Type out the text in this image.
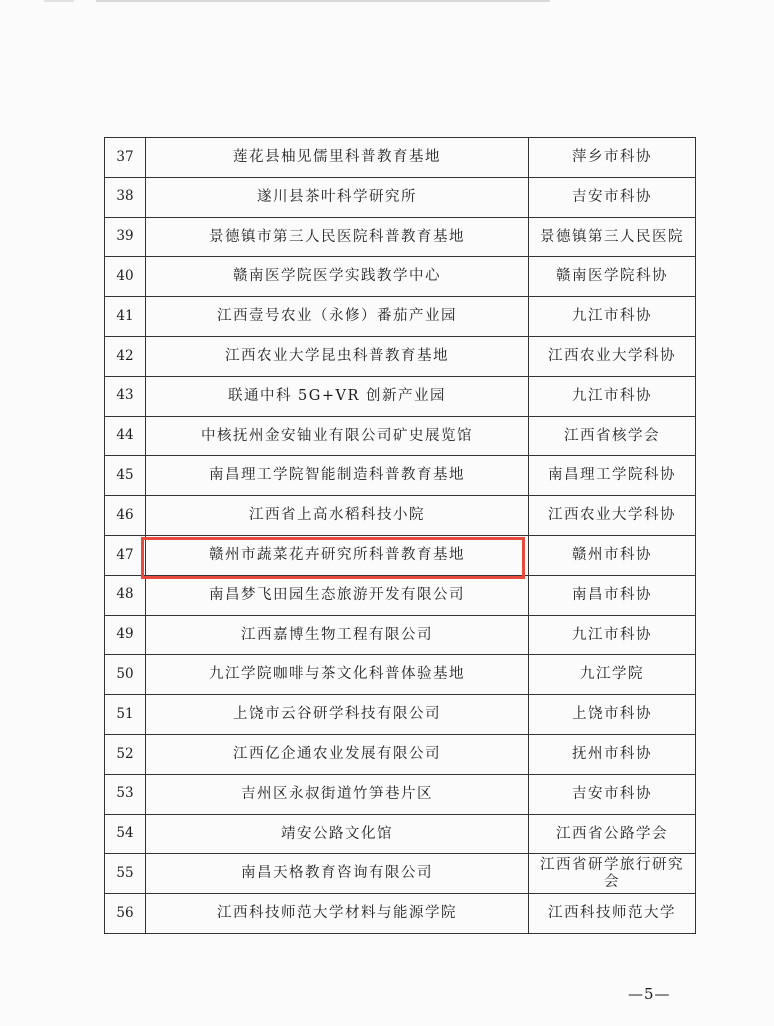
37	莲花县柚见儒里科普教育基地	萍乡市科协
38	遂川县茶叶科学研究所	吉安市科协
39	景德镇市第三人民医院科普教育基地	景德镇第三人民医院
40	赣南医学院医学实践教学中心	赣南医学院科协
41	江西壹号农业（永修）番茄产业园	九江市科协
42	江西农业大学昆虫科普教育基地	江西农业大学科协
43	联通中科 5G+VR 创新产业园	九江市科协
44	中核抚州金安铀业有限公司矿史展览馆	江西省核学会
45	南昌理工学院智能制造科普教育基地	南昌理工学院科协
46	江西省上高水稻科技小院	江西农业大学科协
47	赣州市蔬菜花卉研究所科普教育基地	赣州市科协
48	南昌梦飞田园生态旅游开发有限公司	南昌市科协
49	江西嘉博生物工程有限公司	九江市科协
50	九江学院咖啡与茶文化科普体验基地	九江学院
51	上饶市云谷研学科技有限公司	上饶市科协
52	江西亿企通农业发展有限公司	抚州市科协
53	吉州区永叔街道竹笋巷片区	吉安市科协
54	靖安公路文化馆	江西省公路学会
55	南昌天格教育咨询有限公司	江西省研学旅行研究会
56	江西科技师范大学材料与能源学院	江西科技师范大学
—5—
